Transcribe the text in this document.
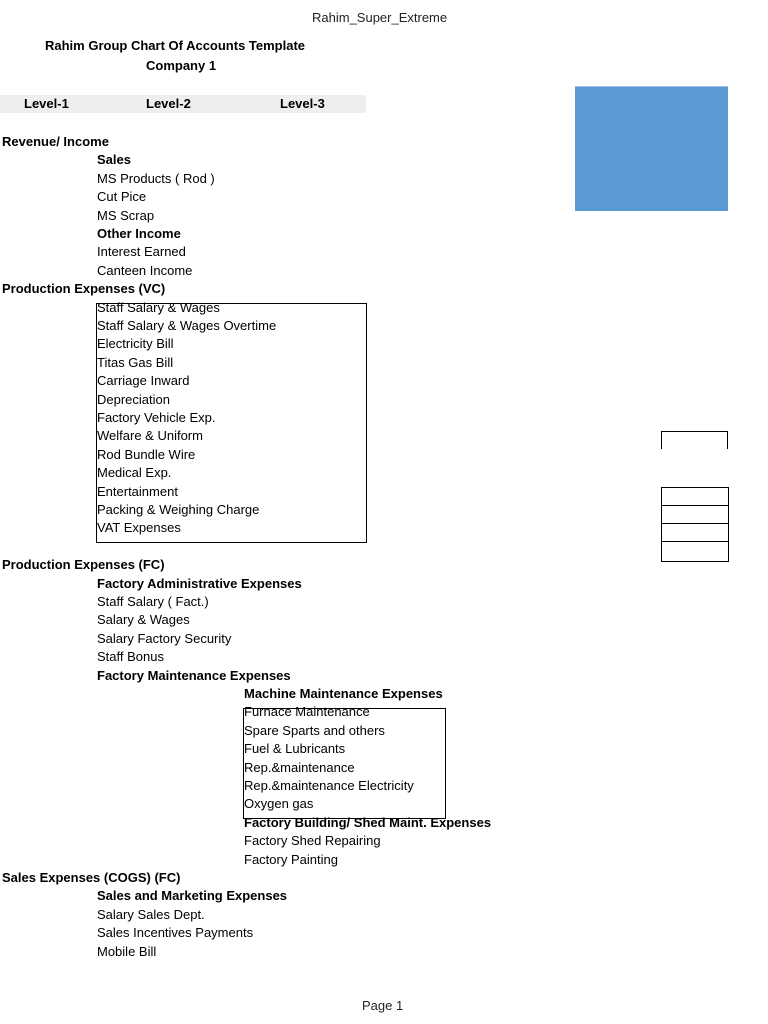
Rahim_Super_Extreme
Rahim Group Chart Of Accounts Template
Company 1
Level-1	Level-2	Level-3
Revenue/ Income
Sales
MS Products ( Rod )
Cut Pice
MS Scrap
Other Income
Interest Earned
Canteen Income
Production Expenses (VC)
Staff Salary & Wages
Staff Salary & Wages Overtime
Electricity Bill
Titas Gas Bill
Carriage Inward
Depreciation
Factory Vehicle Exp.
Welfare & Uniform
Rod Bundle Wire
Medical Exp.
Entertainment
Packing & Weighing Charge
VAT Expenses
Production Expenses (FC)
Factory Administrative Expenses
Staff Salary ( Fact.)
Salary & Wages
Salary Factory Security
Staff Bonus
Factory Maintenance Expenses
Machine Maintenance Expenses
Furnace Maintenance
Spare Sparts and others
Fuel & Lubricants
Rep.&maintenance
Rep.&maintenance Electricity
Oxygen gas
Factory Building/ Shed Maint. Expenses
Factory Shed Repairing
Factory Painting
Sales Expenses (COGS) (FC)
Sales and Marketing Expenses
Salary Sales Dept.
Sales Incentives Payments
Mobile Bill
Page 1
